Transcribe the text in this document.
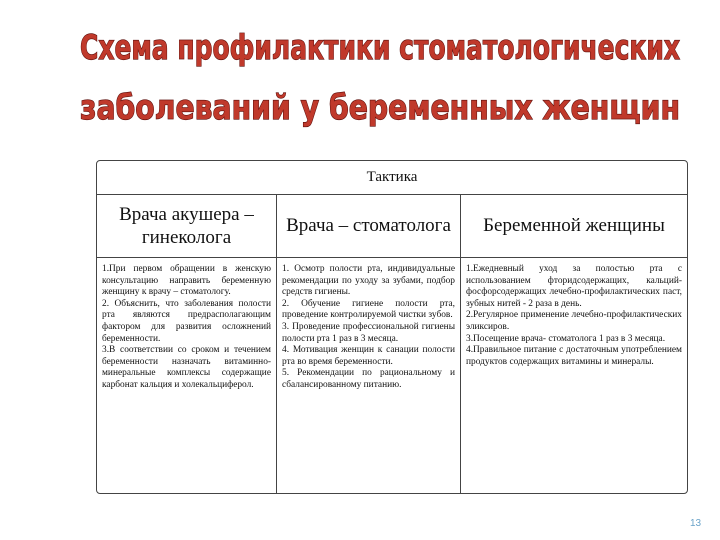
Схема профилактики стоматологических
заболеваний у беременных женщин
Тактика
Врача акушера – гинеколога

1.При первом обращении в женскую консультацию направить беременную женщину к врачу – стоматологу.

2. Объяснить, что заболевания полости рта являются предрасполагающим фактором для развития осложнений беременности.

3.В соответствии со сроком и течением беременности назначать витаминно-минеральные комплексы содержащие карбонат кальция и холекальциферол.

Врача – стоматолога

1. Осмотр полости рта, индивидуальные рекомендации по уходу за зубами, подбор средств гигиены.

2. Обучение гигиене полости рта, проведение контролируемой чистки зубов.

3. Проведение профессиональной гигиены полости рта 1 раз в 3 месяца.

4. Мотивация женщин к санации полости рта во время беременности.

5. Рекомендации по рациональному и сбалансированному питанию.

Беременной женщины

1.Ежедневный уход за полостью рта с использованием фторидсодержащих, кальций-фосфорсодержащих лечебно-профилактических паст, зубных нитей - 2 раза в день.

2.Регулярное применение лечебно-профилактических эликсиров.

3.Посещение врача- стоматолога 1 раз в 3 месяца.

4.Правильное питание с достаточным употреблением продуктов содержащих витамины и минералы.

13
